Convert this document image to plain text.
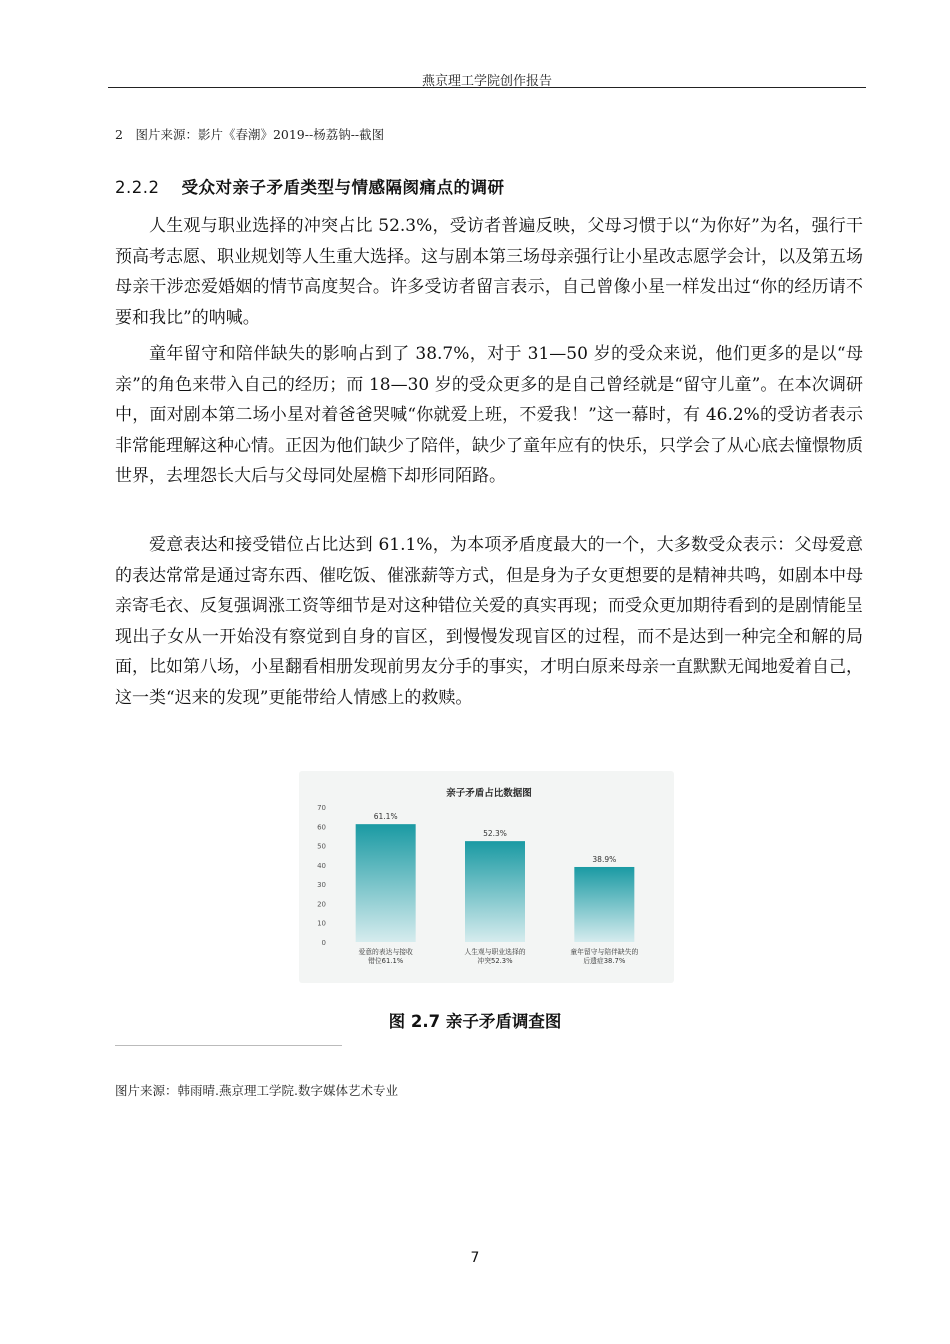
燕京理工学院创作报告
2　图片来源：影片《春潮》2019--杨荔钠--截图
2.2.2 受众对亲子矛盾类型与情感隔阂痛点的调研

人生观与职业选择的冲突占比 52.3%，受访者普遍反映，父母习惯于以“为你好”为名，强行干预高考志愿、职业规划等人生重大选择。这与剧本第三场母亲强行让小星改志愿学会计，以及第五场母亲干涉恋爱婚姻的情节高度契合。许多受访者留言表示，自己曾像小星一样发出过“你的经历请不要和我比”的呐喊。

童年留守和陪伴缺失的影响占到了 38.7%，对于 31—50 岁的受众来说，他们更多的是以“母亲”的角色来带入自己的经历；而 18—30 岁的受众更多的是自己曾经就是“留守儿童”。在本次调研中，面对剧本第二场小星对着爸爸哭喊“你就爱上班，不爱我！”这一幕时，有 46.2%的受访者表示非常能理解这种心情。正因为他们缺少了陪伴，缺少了童年应有的快乐，只学会了从心底去憧憬物质世界，去埋怨长大后与父母同处屋檐下却形同陌路。

爱意表达和接受错位占比达到 61.1%，为本项矛盾度最大的一个，大多数受众表示：父母爱意的表达常常是通过寄东西、催吃饭、催涨薪等方式，但是身为子女更想要的是精神共鸣，如剧本中母亲寄毛衣、反复强调涨工资等细节是对这种错位关爱的真实再现；而受众更加期待看到的是剧情能呈现出子女从一开始没有察觉到自身的盲区，到慢慢发现盲区的过程，而不是达到一种完全和解的局面，比如第八场，小星翻看相册发现前男友分手的事实，才明白原来母亲一直默默无闻地爱着自己，这一类“迟来的发现”更能带给人情感上的救赎。

亲子矛盾占比数据图
0
10
20
30
40
50
60
70
61.1%
52.3%
38.9%
爱意的表达与接收
错位61.1%
人生观与职业选择的
冲突52.3%
童年留守与陪伴缺失的
后遗症38.7%
图 2.7 亲子矛盾调查图
图片来源：韩雨晴.燕京理工学院.数字媒体艺术专业
7
